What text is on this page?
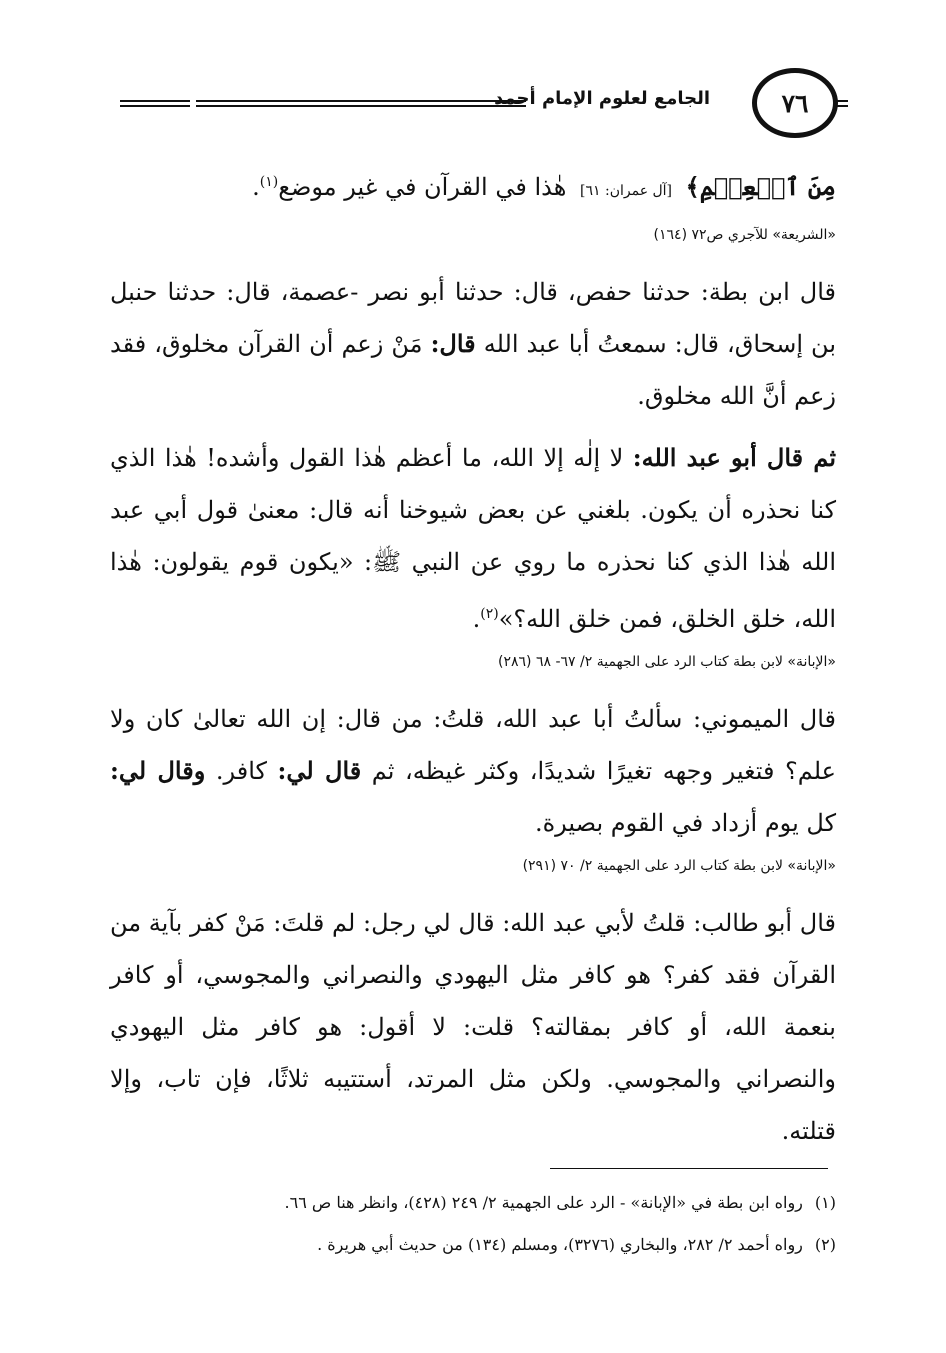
٧٦
الجامع لعلوم الإمام أحمد

مِنَ ٱلۡعِلۡمِ﴾ [آل عمران: ٦١] هٰذا في القرآن في غير موضع$^{(١)}$.

«الشريعة» للآجري ص٧٢ (١٦٤)

قال ابن بطة: حدثنا حفص، قال: حدثنا أبو نصر -عصمة، قال: حدثنا حنبل بن إسحاق، قال: سمعتُ أبا عبد الله قال: مَنْ زعم أن القرآن مخلوق، فقد زعم أنَّ الله مخلوق.

ثم قال أبو عبد الله: لا إلٰه إلا الله، ما أعظم هٰذا القول وأشده! هٰذا الذي كنا نحذره أن يكون. بلغني عن بعض شيوخنا أنه قال: معنىٰ قول أبي عبد الله هٰذا الذي كنا نحذره ما روي عن النبي ﷺ: «يكون قوم يقولون: هٰذا الله، خلق الخلق، فمن خلق الله؟»$^{(٢)}$.

«الإبانة» لابن بطة كتاب الرد على الجهمية ٢/ ٦٧- ٦٨ (٢٨٦)

قال الميموني: سألتُ أبا عبد الله، قلتُ: من قال: إن الله تعالىٰ كان ولا علم؟ فتغير وجهه تغيرًا شديدًا، وكثر غيظه، ثم قال لي: كافر. وقال لي: كل يوم أزداد في القوم بصيرة.

«الإبانة» لابن بطة كتاب الرد على الجهمية ٢/ ٧٠ (٢٩١)

قال أبو طالب: قلتُ لأبي عبد الله: قال لي رجل: لم قلتَ: مَنْ كفر بآية من القرآن فقد كفر؟ هو كافر مثل اليهودي والنصراني والمجوسي، أو كافر بنعمة الله، أو كافر بمقالته؟ قلت: لا أقول: هو كافر مثل اليهودي والنصراني والمجوسي. ولكن مثل المرتد، أستتيبه ثلاثًا، فإن تاب، وإلا قتلته.

(١)رواه ابن بطة في «الإبانة» - الرد على الجهمية ٢/ ٢٤٩ (٤٢٨)، وانظر هنا ص ٦٦.

(٢)رواه أحمد ٢/ ٢٨٢، والبخاري (٣٢٧٦)، ومسلم (١٣٤) من حديث أبي هريرة .
